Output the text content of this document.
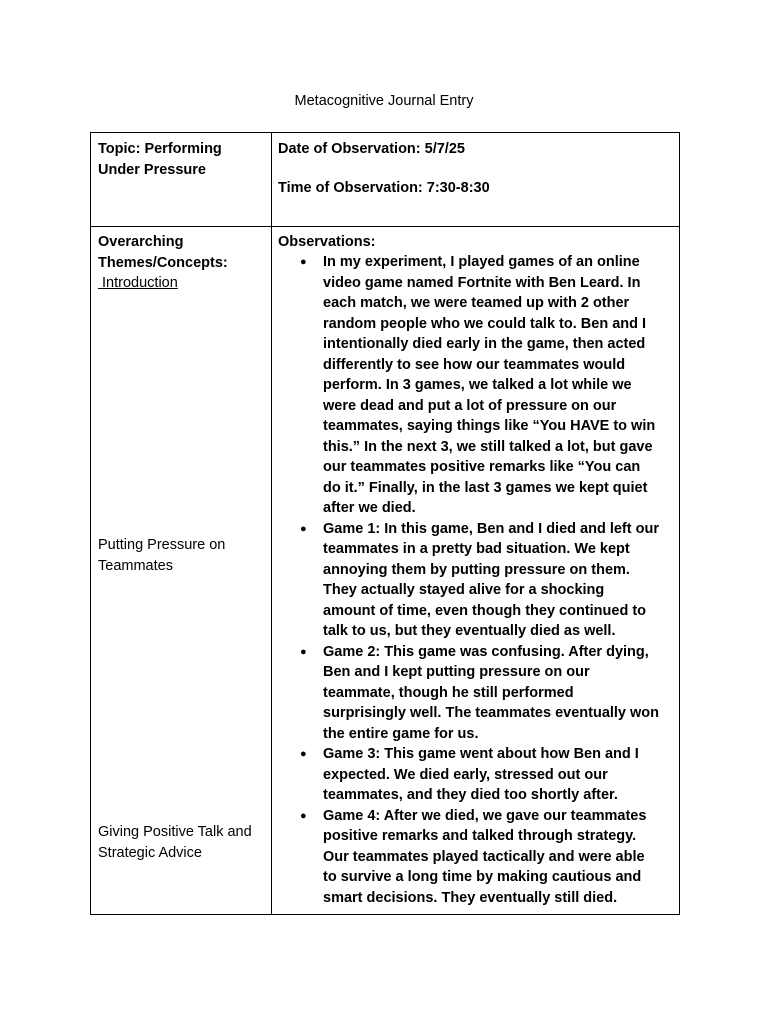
Metacognitive Journal Entry
Topic: Performing
Under Pressure
Date of Observation: 5/7/25
Time of Observation: 7:30-8:30
Overarching
Themes/Concepts:
Introduction
Putting Pressure on
Teammates
Giving Positive Talk and
Strategic Advice
Observations:
● In my experiment, I played games of an online
video game named Fortnite with Ben Leard. In
each match, we were teamed up with 2 other
random people who we could talk to. Ben and I
intentionally died early in the game, then acted
differently to see how our teammates would
perform. In 3 games, we talked a lot while we
were dead and put a lot of pressure on our
teammates, saying things like “You HAVE to win
this.” In the next 3, we still talked a lot, but gave
our teammates positive remarks like “You can
do it.” Finally, in the last 3 games we kept quiet
after we died.
● Game 1: In this game, Ben and I died and left our
teammates in a pretty bad situation. We kept
annoying them by putting pressure on them.
They actually stayed alive for a shocking
amount of time, even though they continued to
talk to us, but they eventually died as well.
● Game 2: This game was confusing. After dying,
Ben and I kept putting pressure on our
teammate, though he still performed
surprisingly well. The teammates eventually won
the entire game for us.
● Game 3: This game went about how Ben and I
expected. We died early, stressed out our
teammates, and they died too shortly after.
● Game 4: After we died, we gave our teammates
positive remarks and talked through strategy.
Our teammates played tactically and were able
to survive a long time by making cautious and
smart decisions. They eventually still died.
